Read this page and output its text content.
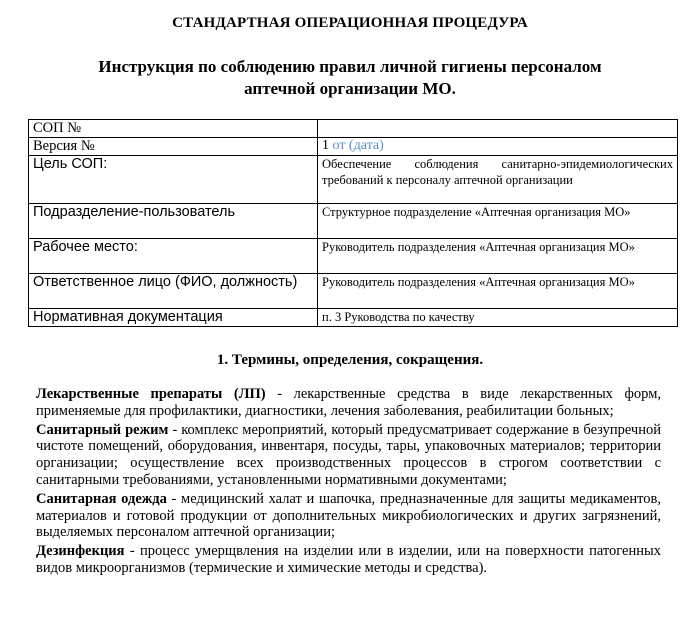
СТАНДАРТНАЯ ОПЕРАЦИОННАЯ ПРОЦЕДУРА
Инструкция по соблюдению правил личной гигиены персоналом
аптечной организации МО.
СОП №	
Версия №	1 от (дата)
Цель СОП:	Обеспечение соблюдения санитарно-эпидемиологических требований к персоналу аптечной организации
Подразделение-пользователь	Структурное подразделение «Аптечная организация МО»
Рабочее место:	Руководитель подразделения «Аптечная организация МО»
Ответственное лицо (ФИО, должность)	Руководитель подразделения «Аптечная организация МО»
Нормативная документация	п. 3 Руководства по качеству
1. Термины, определения, сокращения.

Лекарственные препараты (ЛП) - лекарственные средства в виде лекарственных форм, применяемые для профилактики, диагностики, лечения заболевания, реабилитации больных;

Санитарный режим - комплекс мероприятий, который предусматривает содержание в безупречной чистоте помещений, оборудования, инвентаря, посуды, тары, упаковочных материалов; территории организации; осуществление всех производственных процессов в строгом соответствии с санитарными требованиями, установленными нормативными документами;

Санитарная одежда - медицинский халат и шапочка, предназначенные для защиты медикаментов, материалов и готовой продукции от дополнительных микробиологических и других загрязнений, выделяемых персоналом аптечной организации;

Дезинфекция - процесс умерщвления на изделии или в изделии, или на поверхности патогенных видов микроорганизмов (термические и химические методы и средства).
